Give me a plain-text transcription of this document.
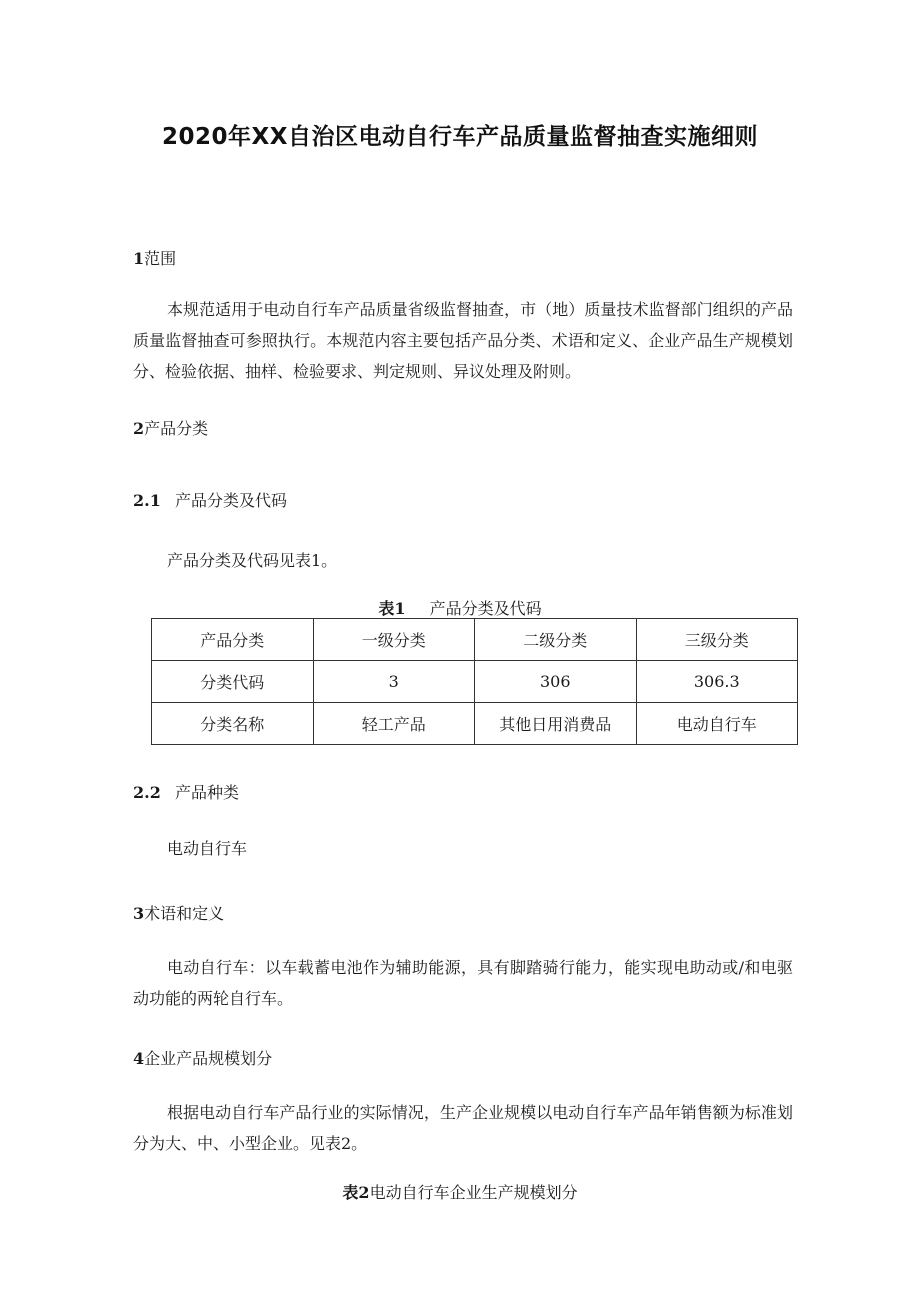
2020年XX自治区电动自行车产品质量监督抽查实施细则
1范围

本规范适用于电动自行车产品质量省级监督抽查，市（地）质量技术监督部门组织的产品质量监督抽查可参照执行。本规范内容主要包括产品分类、术语和定义、企业产品生产规模划分、检验依据、抽样、检验要求、判定规则、异议处理及附则。

2产品分类
2.1 产品分类及代码
产品分类及代码见表1。
表1 产品分类及代码
产品分类	一级分类	二级分类	三级分类
分类代码	3	306	306.3
分类名称	轻工产品	其他日用消费品	电动自行车
2.2 产品种类
电动自行车
3术语和定义

电动自行车：以车载蓄电池作为辅助能源，具有脚踏骑行能力，能实现电助动或/和电驱动功能的两轮自行车。

4企业产品规模划分

根据电动自行车产品行业的实际情况，生产企业规模以电动自行车产品年销售额为标准划分为大、中、小型企业。见表2。

表2电动自行车企业生产规模划分
